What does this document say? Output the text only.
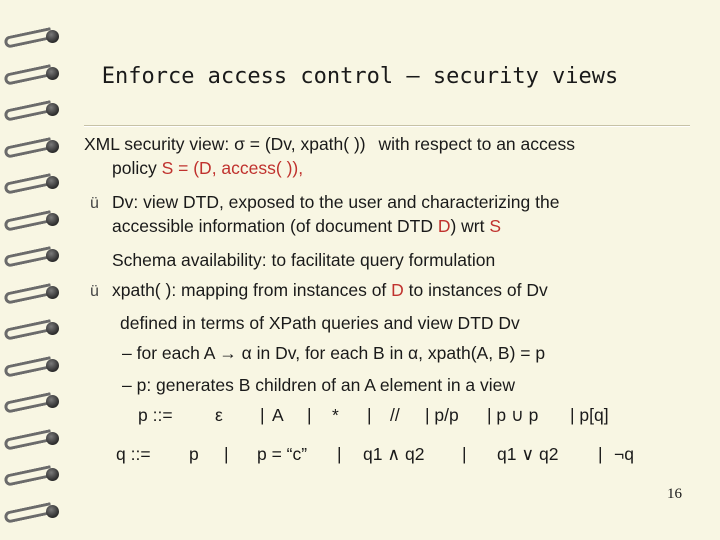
Enforce access control – security views
XML security view: σ = (Dv, xpath( )) with respect to an access
policy S = (D, access( )),
ü Dv: view DTD, exposed to the user and characterizing the
accessible information (of document DTD D) wrt S
Schema availability: to facilitate query formulation
ü xpath( ): mapping from instances of D to instances of Dv
defined in terms of XPath queries and view DTD Dv
– for each A → α in Dv, for each B in α, xpath(A, B) = p
– p: generates B children of an A element in a view
p ::= ε | A | * | // | p/p | p ∪ p | p[q]
q ::= p | p = “c” | q1 ∧ q2 | q1 ∨ q2 | ¬q
16
